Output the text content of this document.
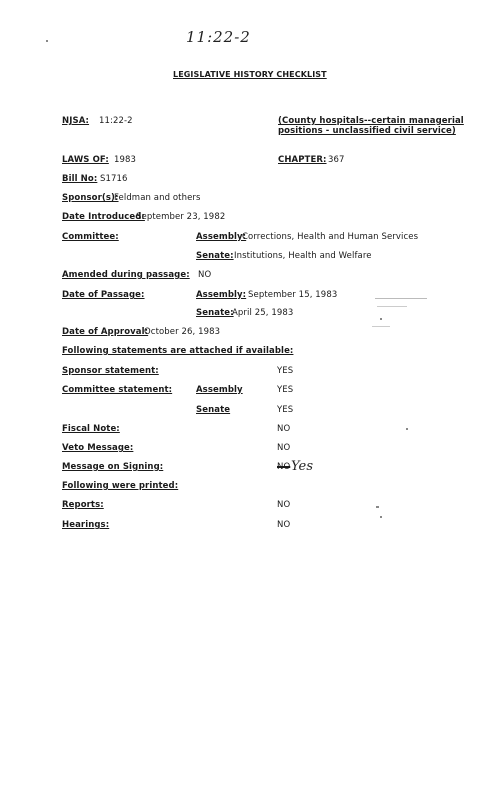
11:22-2
LEGISLATIVE HISTORY CHECKLIST
NJSA: 11:22-2	(County hospitals--certain managerial
positions - unclassified civil service)
LAWS OF: 1983	CHAPTER: 367
Bill No: S1716
Sponsor(s):
Feldman and others
Date Introduced:
September 23, 1982
Committee:	Assembly:
Corrections, Health and Human Services
Senate: Institutions, Health and Welfare
Amended during passage: NO
Date of Passage:	Assembly: September 15, 1983
Senate:
April 25, 1983
Date of Approval:
October 26, 1983
Following statements are attached if available:
Sponsor statement:	YES
Committee statement:	Assembly	YES
Senate	YES
Fiscal Note:	NO
Veto Message:	NO
Message on Signing:	NO Yes
Following were printed:
Reports:	NO
Hearings:	NO
